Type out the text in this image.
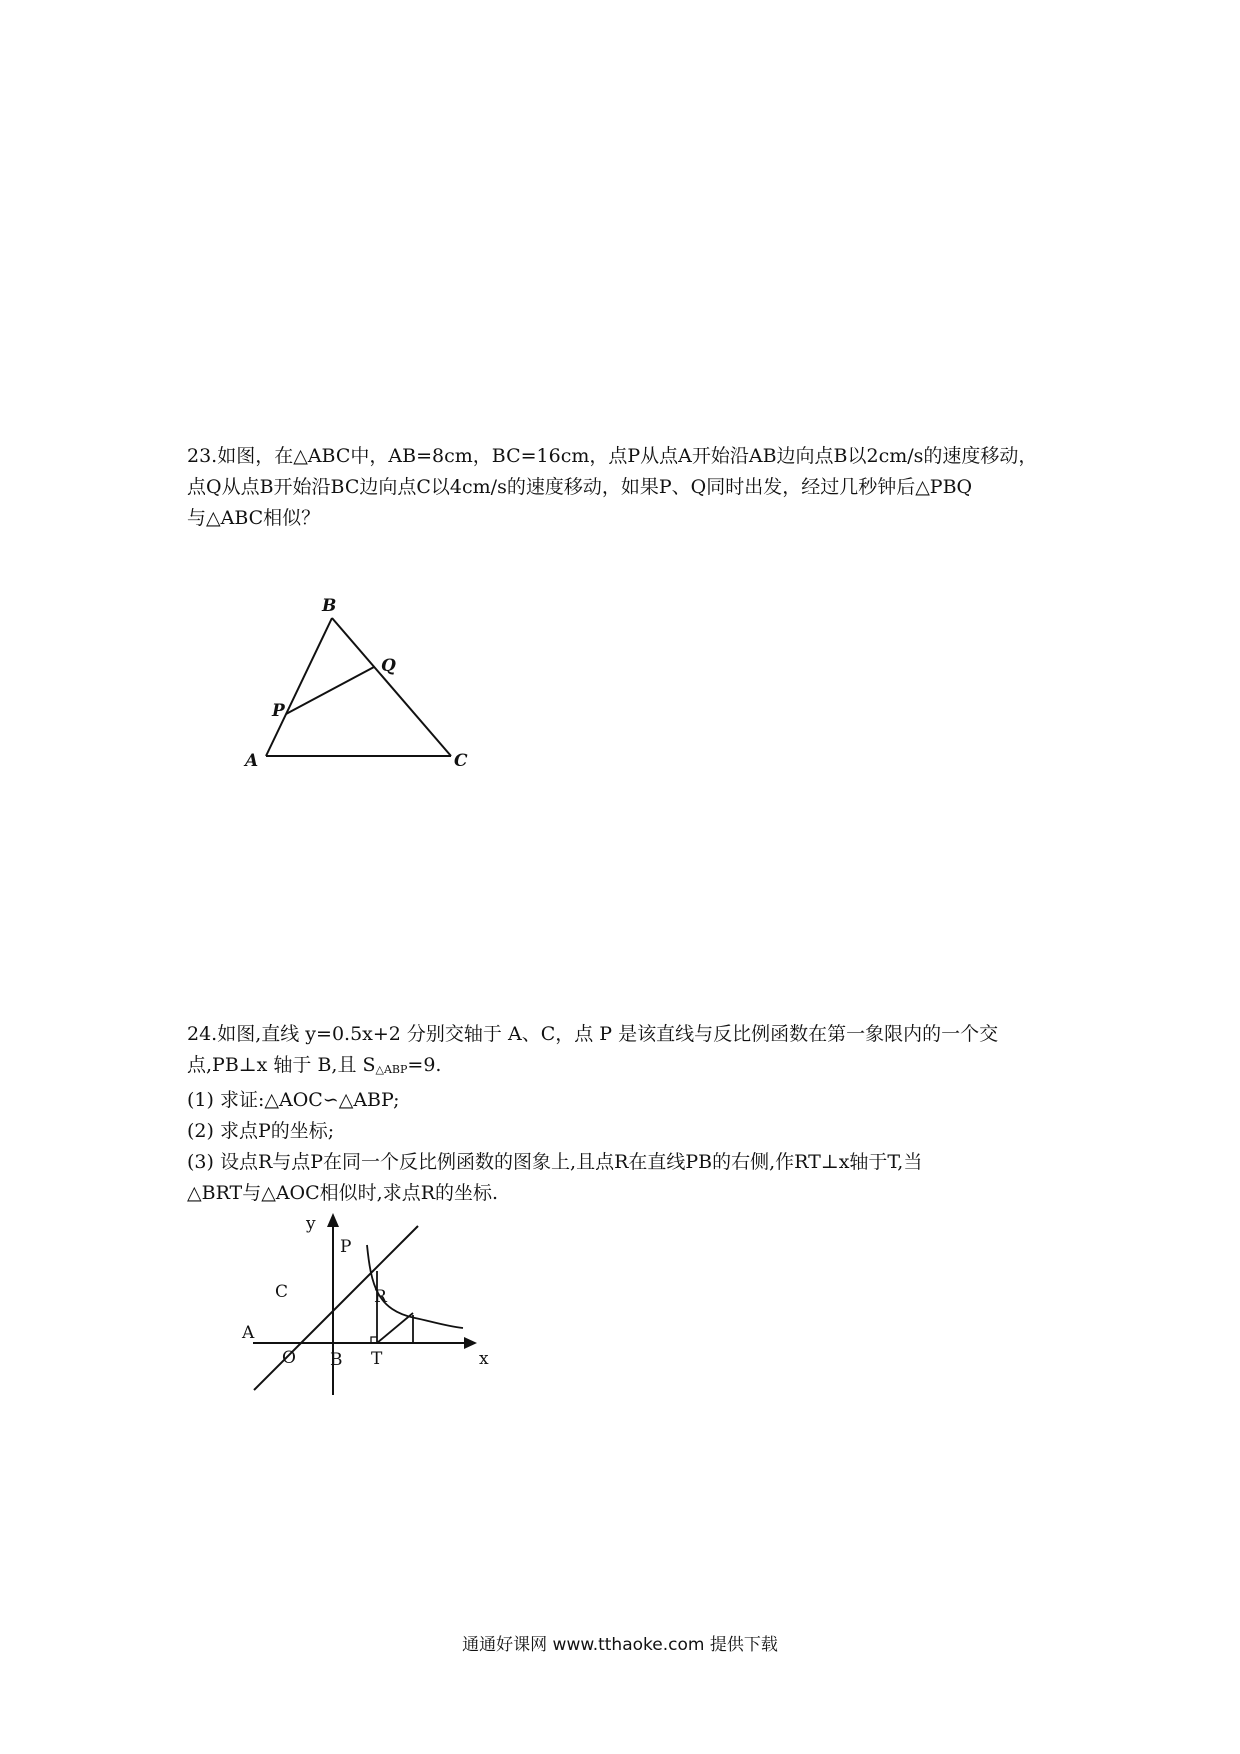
23.如图，在△ABC中，AB=8cm，BC=16cm，点P从点A开始沿AB边向点B以2cm/s的速度移动，

点Q从点B开始沿BC边向点C以4cm/s的速度移动，如果P、Q同时出发，经过几秒钟后△PBQ

与△ABC相似？

B
Q
P
A	C

24.如图,直线 y=0.5x+2 分别交轴于 A、C，点 P 是该直线与反比例函数在第一象限内的一个交

点,PB⊥x 轴于 B,且 S△ABP=9.

(1) 求证:△AOC∽△ABP;

(2) 求点P的坐标;

(3) 设点R与点P在同一个反比例函数的图象上,且点R在直线PB的右侧,作RT⊥x轴于T,当

△BRT与△AOC相似时,求点R的坐标.

y
x
P
C	R
A
O B T
通通好课网 www.tthaoke.com 提供下载
